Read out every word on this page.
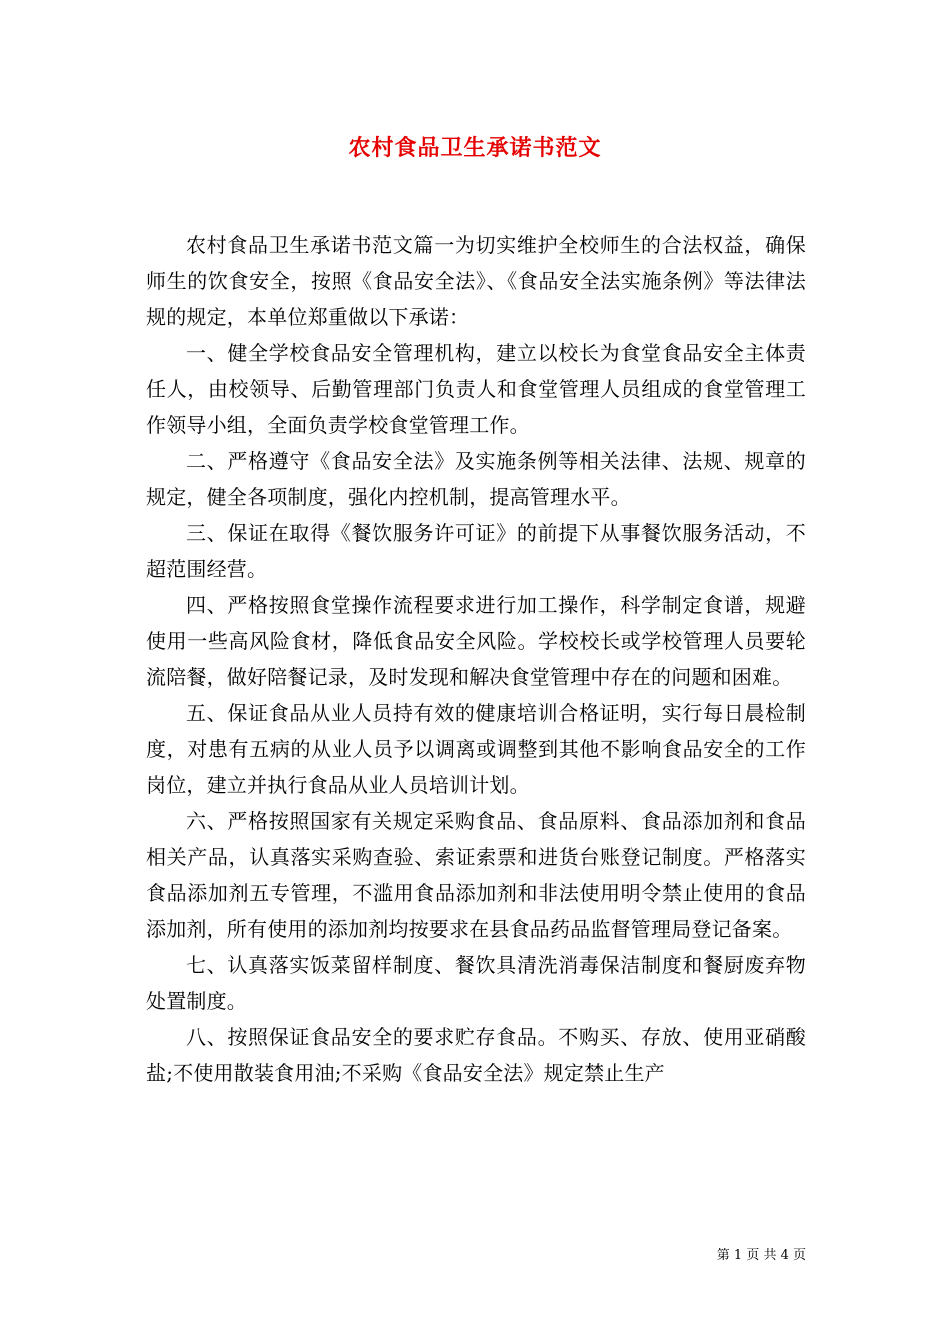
农村食品卫生承诺书范文

农村食品卫生承诺书范文篇一为切实维护全校师生的合法权益，确保师生的饮食安全，按照《食品安全法》、《食品安全法实施条例》等法律法规的规定，本单位郑重做以下承诺：

一、健全学校食品安全管理机构，建立以校长为食堂食品安全主体责任人，由校领导、后勤管理部门负责人和食堂管理人员组成的食堂管理工作领导小组，全面负责学校食堂管理工作。

二、严格遵守《食品安全法》及实施条例等相关法律、法规、规章的规定，健全各项制度，强化内控机制，提高管理水平。

三、保证在取得《餐饮服务许可证》的前提下从事餐饮服务活动，不超范围经营。

四、严格按照食堂操作流程要求进行加工操作，科学制定食谱，规避使用一些高风险食材，降低食品安全风险。学校校长或学校管理人员要轮流陪餐，做好陪餐记录，及时发现和解决食堂管理中存在的问题和困难。

五、保证食品从业人员持有效的健康培训合格证明，实行每日晨检制度，对患有五病的从业人员予以调离或调整到其他不影响食品安全的工作岗位，建立并执行食品从业人员培训计划。

六、严格按照国家有关规定采购食品、食品原料、食品添加剂和食品相关产品，认真落实采购查验、索证索票和进货台账登记制度。严格落实食品添加剂五专管理，不滥用食品添加剂和非法使用明令禁止使用的食品添加剂，所有使用的添加剂均按要求在县食品药品监督管理局登记备案。

七、认真落实饭菜留样制度、餐饮具清洗消毒保洁制度和餐厨废弃物处置制度。

八、按照保证食品安全的要求贮存食品。不购买、存放、使用亚硝酸盐;不使用散装食用油;不采购《食品安全法》规定禁止生产

第 1 页 共 4 页
